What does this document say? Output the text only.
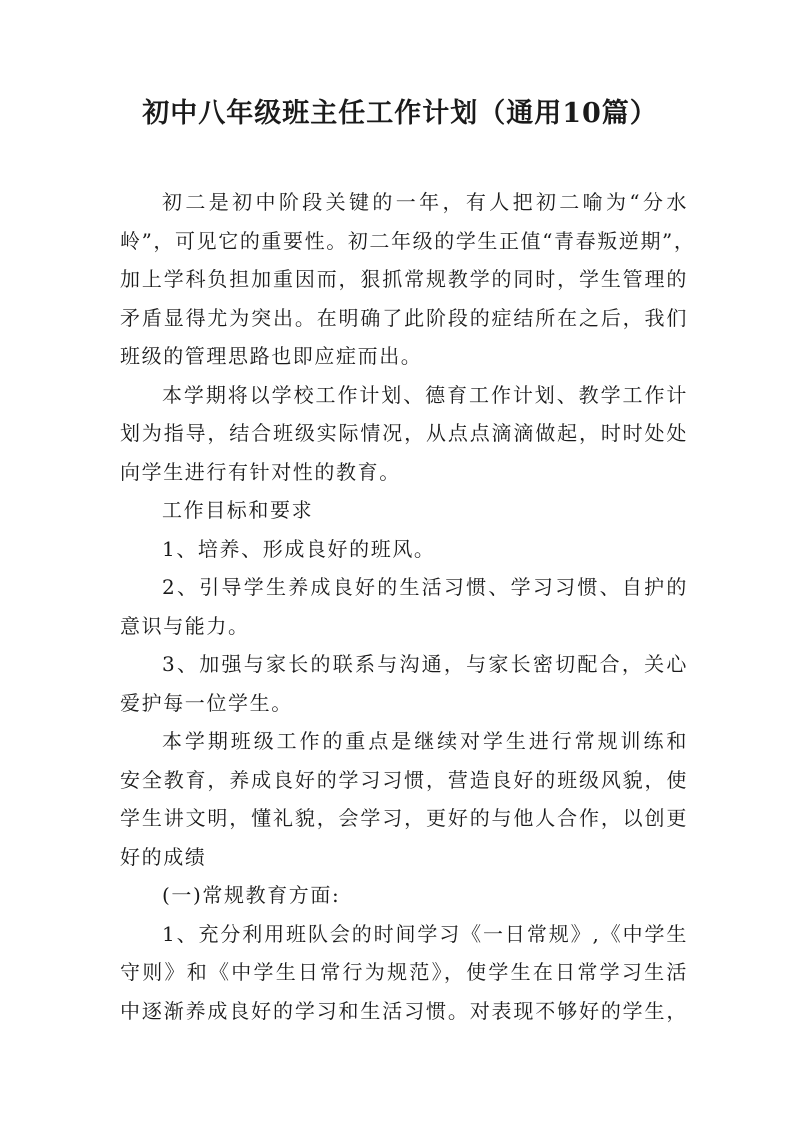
初中八年级班主任工作计划（通用10篇）
初二是初中阶段关键的一年，有人把初二喻为“分水
岭”，可见它的重要性。初二年级的学生正值“青春叛逆期”，
加上学科负担加重因而，狠抓常规教学的同时，学生管理的
矛盾显得尤为突出。在明确了此阶段的症结所在之后，我们
班级的管理思路也即应症而出。
本学期将以学校工作计划、德育工作计划、教学工作计
划为指导，结合班级实际情况，从点点滴滴做起，时时处处
向学生进行有针对性的教育。
工作目标和要求
1、培养、形成良好的班风。
2、引导学生养成良好的生活习惯、学习习惯、自护的
意识与能力。
3、加强与家长的联系与沟通，与家长密切配合，关心
爱护每一位学生。
本学期班级工作的重点是继续对学生进行常规训练和
安全教育，养成良好的学习习惯，营造良好的班级风貌，使
学生讲文明，懂礼貌，会学习，更好的与他人合作，以创更
好的成绩
(一)常规教育方面:
1、充分利用班队会的时间学习《一日常规》,《中学生
守则》和《中学生日常行为规范》，使学生在日常学习生活
中逐渐养成良好的学习和生活习惯。对表现不够好的学生，
